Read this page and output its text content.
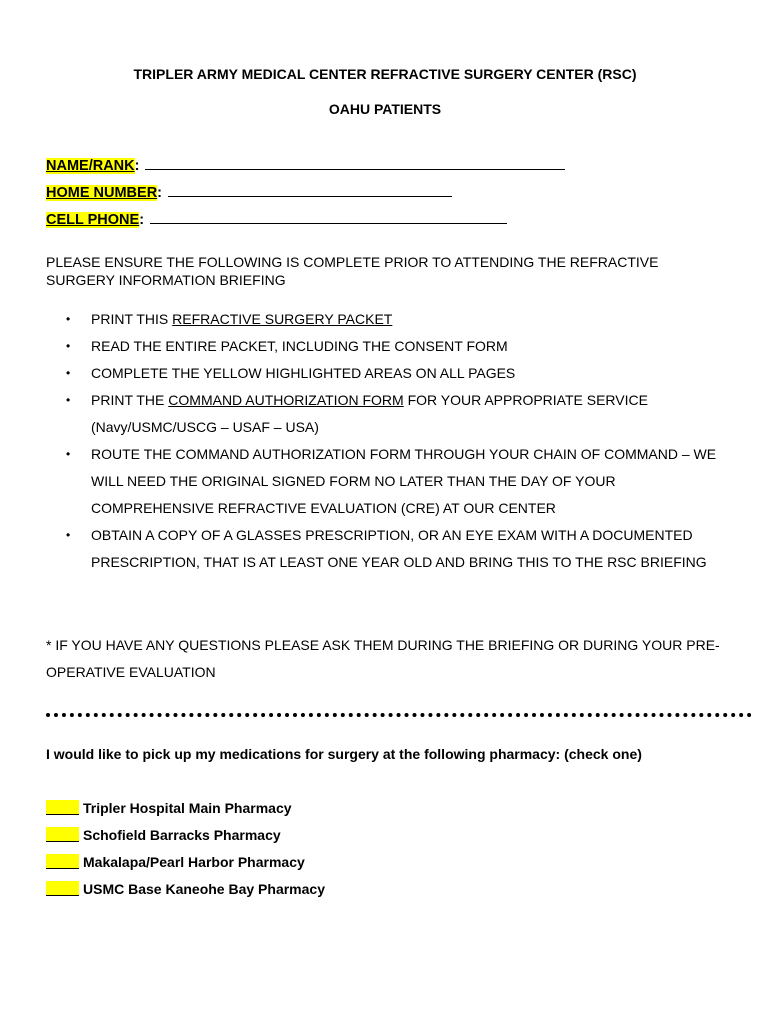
TRIPLER ARMY MEDICAL CENTER REFRACTIVE SURGERY CENTER (RSC)
OAHU PATIENTS
NAME/RANK:
HOME NUMBER:
CELL PHONE:
PLEASE ENSURE THE FOLLOWING IS COMPLETE PRIOR TO ATTENDING THE REFRACTIVE SURGERY INFORMATION BRIEFING
• PRINT THIS REFRACTIVE SURGERY PACKET
• READ THE ENTIRE PACKET, INCLUDING THE CONSENT FORM
• COMPLETE THE YELLOW HIGHLIGHTED AREAS ON ALL PAGES
• PRINT THE COMMAND AUTHORIZATION FORM FOR YOUR APPROPRIATE SERVICE (Navy/USMC/USCG – USAF – USA)
• ROUTE THE COMMAND AUTHORIZATION FORM THROUGH YOUR CHAIN OF COMMAND – WE WILL NEED THE ORIGINAL SIGNED FORM NO LATER THAN THE DAY OF YOUR COMPREHENSIVE REFRACTIVE EVALUATION (CRE) AT OUR CENTER
• OBTAIN A COPY OF A GLASSES PRESCRIPTION, OR AN EYE EXAM WITH A DOCUMENTED PRESCRIPTION, THAT IS AT LEAST ONE YEAR OLD AND BRING THIS TO THE RSC BRIEFING
* IF YOU HAVE ANY QUESTIONS PLEASE ASK THEM DURING THE BRIEFING OR DURING YOUR PRE-OPERATIVE EVALUATION
I would like to pick up my medications for surgery at the following pharmacy: (check one)
Tripler Hospital Main Pharmacy
Schofield Barracks Pharmacy
Makalapa/Pearl Harbor Pharmacy
USMC Base Kaneohe Bay Pharmacy
